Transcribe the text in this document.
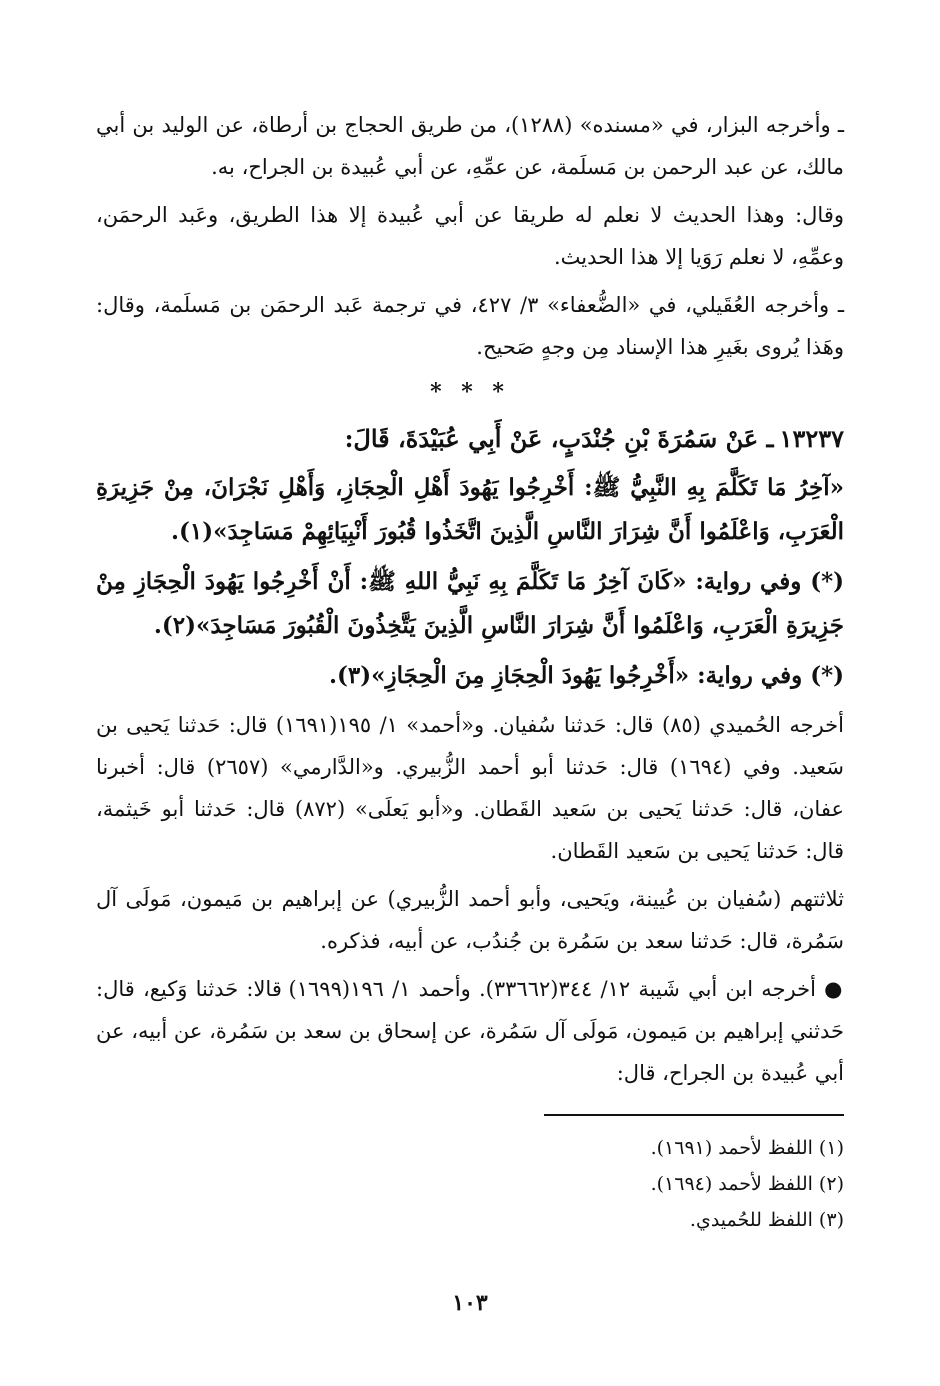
ـ وأخرجه البزار، في «مسنده» (١٢٨٨)، من طريق الحجاج بن أرطاة، عن الوليد بن أبي مالك، عن عبد الرحمن بن مَسلَمة، عن عمِّهِ، عن أبي عُبيدة بن الجراح، به.

وقال: وهذا الحديث لا نعلم له طريقا عن أبي عُبيدة إلا هذا الطريق، وعَبد الرحمَن، وعمِّهِ، لا نعلم رَوَيا إلا هذا الحديث.

ـ وأخرجه العُقَيلي، في «الضُّعفاء» ٣/ ٤٢٧، في ترجمة عَبد الرحمَن بن مَسلَمة، وقال: وهَذا يُروى بغَيرِ هذا الإسناد مِن وجهٍ صَحيح.

* * *

١٣٢٣٧ـ عَنْ سَمُرَةَ بْنِ جُنْدَبٍ، عَنْ أَبِي عُبَيْدَةَ، قَالَ:

«آخِرُ مَا تَكَلَّمَ بِهِ النَّبِيُّ ﷺ: أَخْرِجُوا يَهُودَ أَهْلِ الْحِجَازِ، وَأَهْلِ نَجْرَانَ، مِنْ جَزِيرَةِ الْعَرَبِ، وَاعْلَمُوا أَنَّ شِرَارَ النَّاسِ الَّذِينَ اتَّخَذُوا قُبُورَ أَنْبِيَائِهِمْ مَسَاجِدَ»(١).

(*) وفي رواية: «كَانَ آخِرُ مَا تَكَلَّمَ بِهِ نَبِيُّ اللهِ ﷺ: أَنْ أَخْرِجُوا يَهُودَ الْحِجَازِ مِنْ جَزِيرَةِ الْعَرَبِ، وَاعْلَمُوا أَنَّ شِرَارَ النَّاسِ الَّذِينَ يَتَّخِذُونَ الْقُبُورَ مَسَاجِدَ»(٢).

(*) وفي رواية: «أَخْرِجُوا يَهُودَ الْحِجَازِ مِنَ الْحِجَازِ»(٣).

أخرجه الحُميدي (٨٥) قال: حَدثنا سُفيان. و«أحمد» ١/ ١٩٥(١٦٩١) قال: حَدثنا يَحيى بن سَعيد. وفي (١٦٩٤) قال: حَدثنا أبو أحمد الزُّبيري. و«الدَّارمي» (٢٦٥٧) قال: أخبرنا عفان، قال: حَدثنا يَحيى بن سَعيد القَطان. و«أبو يَعلَى» (٨٧٢) قال: حَدثنا أبو خَيثمة، قال: حَدثنا يَحيى بن سَعيد القَطان.

ثلاثتهم (سُفيان بن عُيينة، ويَحيى، وأبو أحمد الزُّبيري) عن إبراهيم بن مَيمون، مَولَى آل سَمُرة، قال: حَدثنا سعد بن سَمُرة بن جُندُب، عن أبيه، فذكره.

● أخرجه ابن أبي شَيبة ١٢/ ٣٤٤(٣٣٦٦٢). وأحمد ١/ ١٩٦(١٦٩٩) قالا: حَدثنا وَكيع، قال: حَدثني إبراهيم بن مَيمون، مَولَى آل سَمُرة، عن إسحاق بن سعد بن سَمُرة، عن أبيه، عن أبي عُبيدة بن الجراح، قال:

(١) اللفظ لأحمد (١٦٩١).

(٢) اللفظ لأحمد (١٦٩٤).

(٣) اللفظ للحُميدي.

١٠٣
